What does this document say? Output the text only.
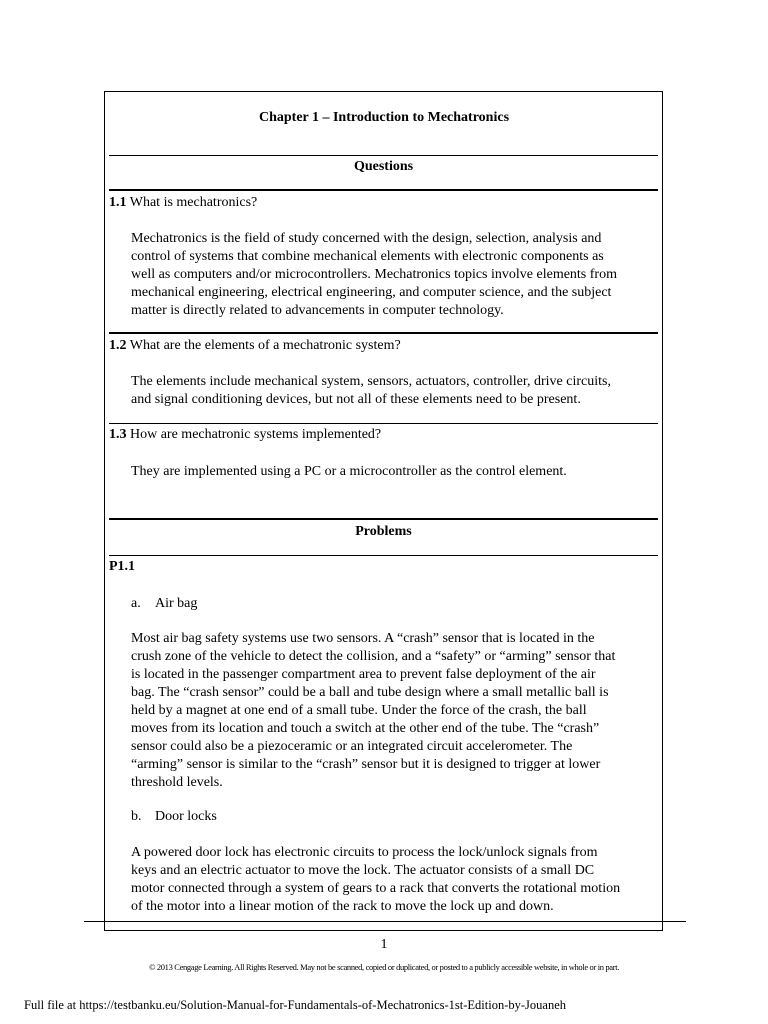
Chapter 1 – Introduction to Mechatronics
Questions
1.1 What is mechatronics?
Mechatronics is the field of study concerned with the design, selection, analysis and
control of systems that combine mechanical elements with electronic components as
well as computers and/or microcontrollers. Mechatronics topics involve elements from
mechanical engineering, electrical engineering, and computer science, and the subject
matter is directly related to advancements in computer technology.
1.2 What are the elements of a mechatronic system?
The elements include mechanical system, sensors, actuators, controller, drive circuits,
and signal conditioning devices, but not all of these elements need to be present.
1.3 How are mechatronic systems implemented?
They are implemented using a PC or a microcontroller as the control element.
Problems
P1.1
a. Air bag
Most air bag safety systems use two sensors. A “crash” sensor that is located in the
crush zone of the vehicle to detect the collision, and a “safety” or “arming” sensor that
is located in the passenger compartment area to prevent false deployment of the air
bag. The “crash sensor” could be a ball and tube design where a small metallic ball is
held by a magnet at one end of a small tube. Under the force of the crash, the ball
moves from its location and touch a switch at the other end of the tube. The “crash”
sensor could also be a piezoceramic or an integrated circuit accelerometer. The
“arming” sensor is similar to the “crash” sensor but it is designed to trigger at lower
threshold levels.
b. Door locks
A powered door lock has electronic circuits to process the lock/unlock signals from
keys and an electric actuator to move the lock. The actuator consists of a small DC
motor connected through a system of gears to a rack that converts the rotational motion
of the motor into a linear motion of the rack to move the lock up and down.
1
© 2013 Cengage Learning. All Rights Reserved. May not be scanned, copied or duplicated, or posted to a publicly accessible website, in whole or in part.
Full file at https://testbanku.eu/Solution-Manual-for-Fundamentals-of-Mechatronics-1st-Edition-by-Jouaneh
